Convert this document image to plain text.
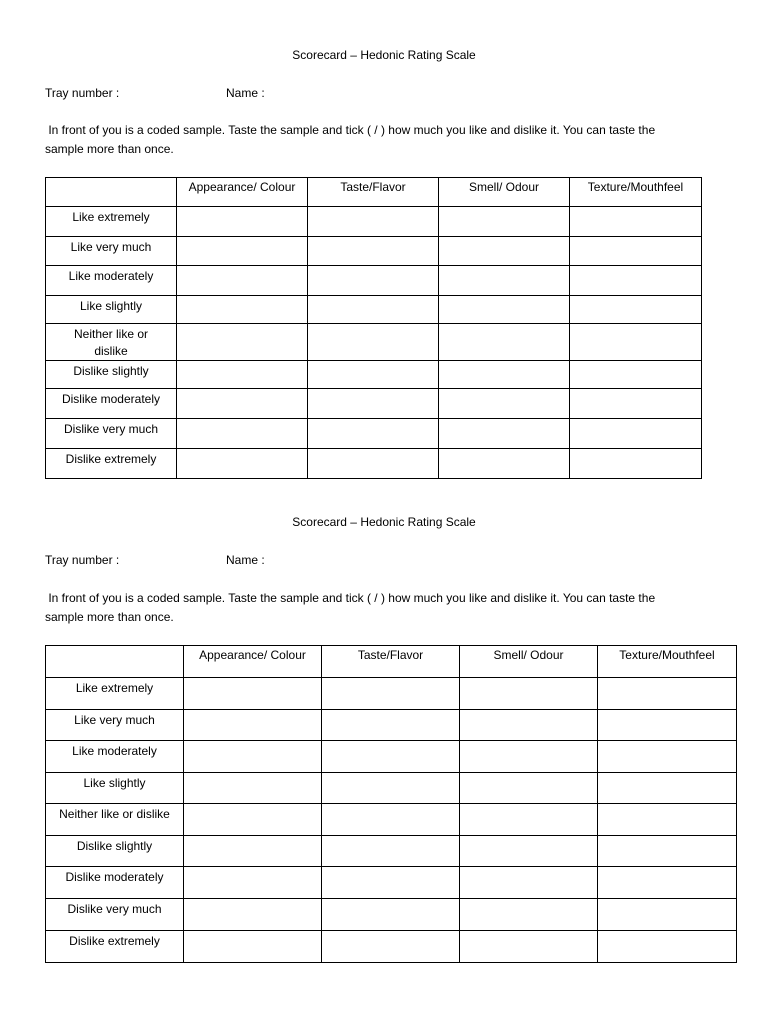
Scorecard – Hedonic Rating Scale
Tray number :	Name :
In front of you is a coded sample. Taste the sample and tick ( / ) how much you like and dislike it. You can taste the
sample more than once.
	Appearance/ Colour	Taste/Flavor	Smell/ Odour	Texture/Mouthfeel
Like extremely				
Like very much				
Like moderately				
Like slightly				
Neither like or dislike				
Dislike slightly				
Dislike moderately				
Dislike very much				
Dislike extremely				
Scorecard – Hedonic Rating Scale
Tray number :	Name :
In front of you is a coded sample. Taste the sample and tick ( / ) how much you like and dislike it. You can taste the
sample more than once.
	Appearance/ Colour	Taste/Flavor	Smell/ Odour	Texture/Mouthfeel
Like extremely				
Like very much				
Like moderately				
Like slightly				
Neither like or dislike				
Dislike slightly				
Dislike moderately				
Dislike very much				
Dislike extremely				
